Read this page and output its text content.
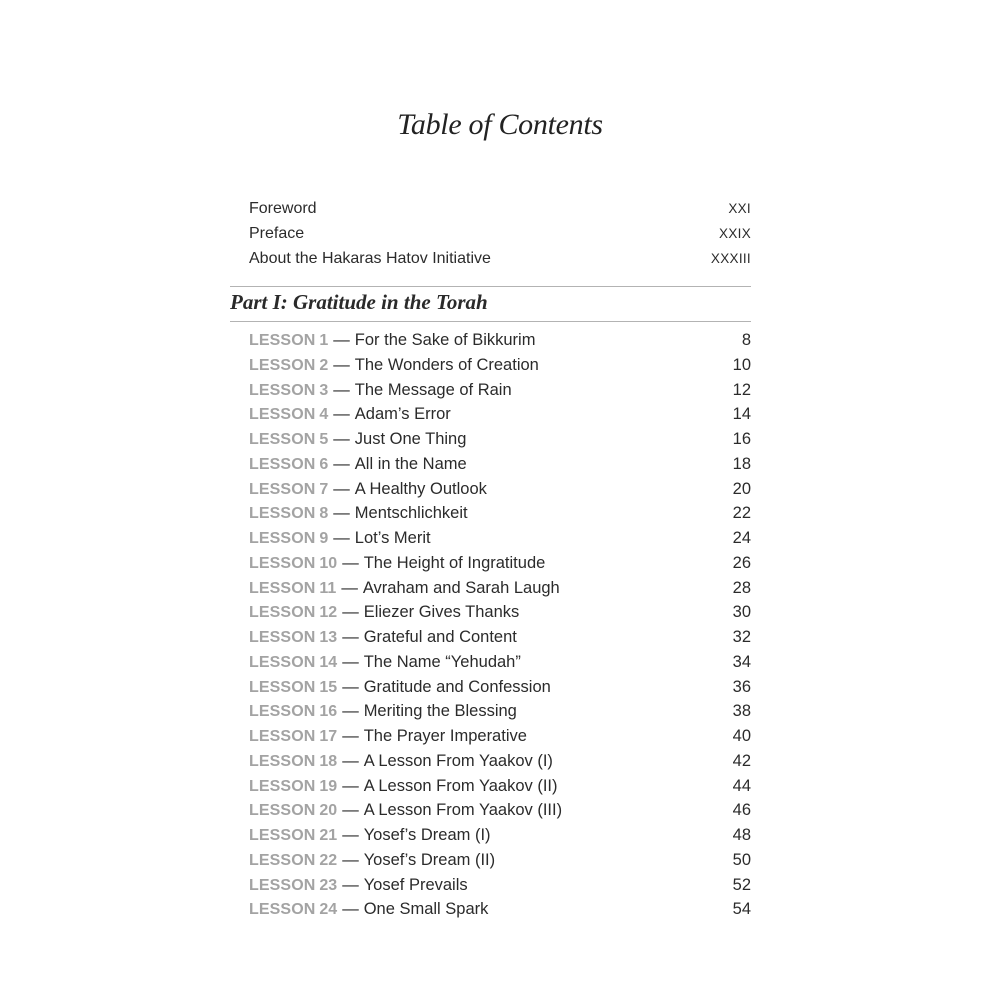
Table of Contents
Foreword	XXI
Preface	XXIX
About the Hakaras Hatov Initiative	XXXIII
Part I: Gratitude in the Torah
LESSON 1 — For the Sake of Bikkurim	8
LESSON 2 — The Wonders of Creation	10
LESSON 3 — The Message of Rain	12
LESSON 4 — Adam’s Error	14
LESSON 5 — Just One Thing	16
LESSON 6 — All in the Name	18
LESSON 7 — A Healthy Outlook	20
LESSON 8 — Mentschlichkeit	22
LESSON 9 — Lot’s Merit	24
LESSON 10 — The Height of Ingratitude	26
LESSON 11 — Avraham and Sarah Laugh	28
LESSON 12 — Eliezer Gives Thanks	30
LESSON 13 — Grateful and Content	32
LESSON 14 — The Name “Yehudah”	34
LESSON 15 — Gratitude and Confession	36
LESSON 16 — Meriting the Blessing	38
LESSON 17 — The Prayer Imperative	40
LESSON 18 — A Lesson From Yaakov (I)	42
LESSON 19 — A Lesson From Yaakov (II)	44
LESSON 20 — A Lesson From Yaakov (III)	46
LESSON 21 — Yosef’s Dream (I)	48
LESSON 22 — Yosef’s Dream (II)	50
LESSON 23 — Yosef Prevails	52
LESSON 24 — One Small Spark	54
